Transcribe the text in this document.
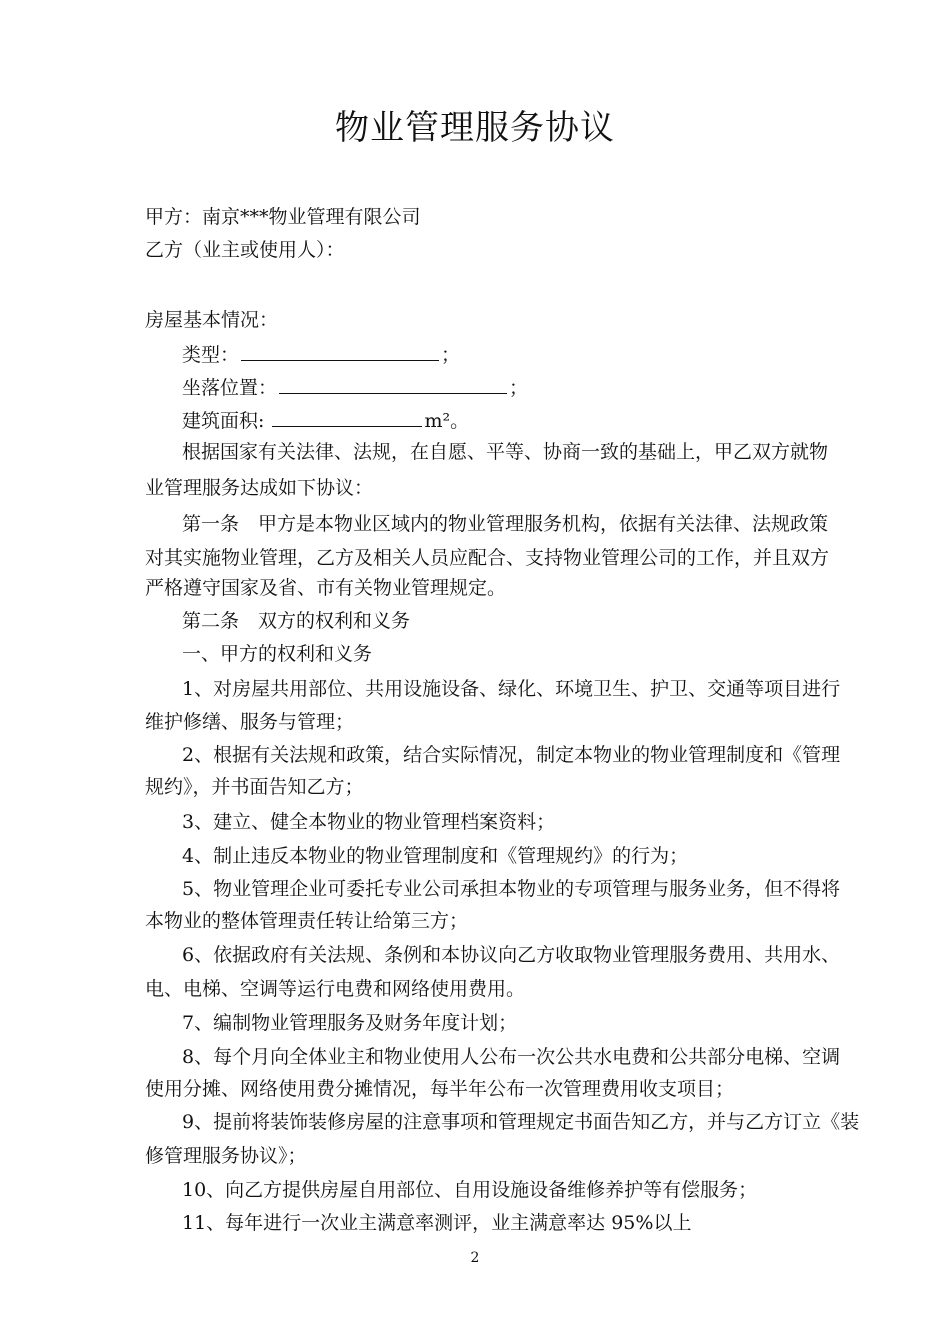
物业管理服务协议
甲方：南京***物业管理有限公司
乙方（业主或使用人）：
房屋基本情况：
类型：	；
坐落位置：	；
建筑面积:	m²。
根据国家有关法律、法规，在自愿、平等、协商一致的基础上，甲乙双方就物
业管理服务达成如下协议：
第一条　甲方是本物业区域内的物业管理服务机构，依据有关法律、法规政策
对其实施物业管理，乙方及相关人员应配合、支持物业管理公司的工作，并且双方
严格遵守国家及省、市有关物业管理规定。
第二条　双方的权利和义务
一、甲方的权利和义务
1、对房屋共用部位、共用设施设备、绿化、环境卫生、护卫、交通等项目进行
维护修缮、服务与管理；
2、根据有关法规和政策，结合实际情况，制定本物业的物业管理制度和《管理
规约》，并书面告知乙方；
3、建立、健全本物业的物业管理档案资料；
4、制止违反本物业的物业管理制度和《管理规约》的行为；
5、物业管理企业可委托专业公司承担本物业的专项管理与服务业务，但不得将
本物业的整体管理责任转让给第三方；
6、依据政府有关法规、条例和本协议向乙方收取物业管理服务费用、共用水、
电、电梯、空调等运行电费和网络使用费用。
7、编制物业管理服务及财务年度计划；
8、每个月向全体业主和物业使用人公布一次公共水电费和公共部分电梯、空调
使用分摊、网络使用费分摊情况，每半年公布一次管理费用收支项目；
9、提前将装饰装修房屋的注意事项和管理规定书面告知乙方，并与乙方订立《装
修管理服务协议》；
10、向乙方提供房屋自用部位、自用设施设备维修养护等有偿服务；
11、每年进行一次业主满意率测评，业主满意率达 95%以上
2
